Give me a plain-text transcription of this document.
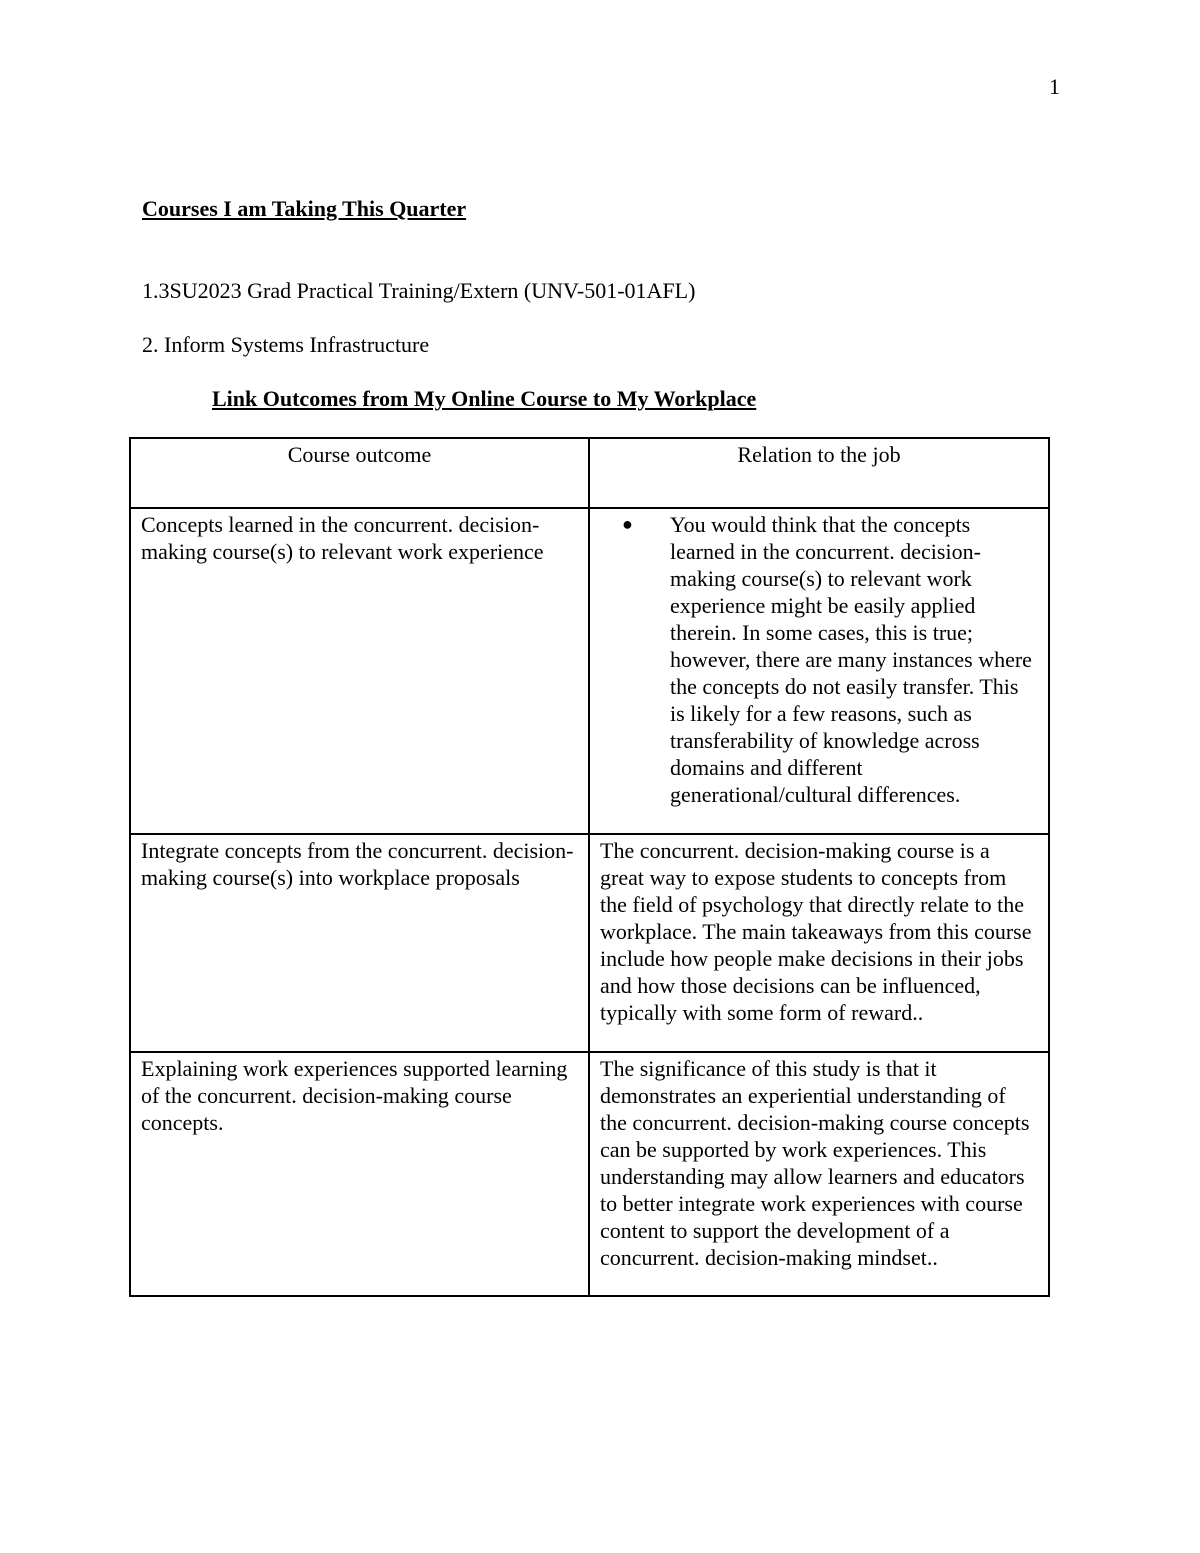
1
Courses I am Taking This Quarter
1.3SU2023 Grad Practical Training/Extern (UNV-501-01AFL)
2. Inform Systems Infrastructure
Link Outcomes from My Online Course to My Workplace
Course outcome	Relation to the job
Concepts learned in the concurrent. decision-making course(s) to relevant work experience	● You would think that the concepts learned in the concurrent. decision-making course(s) to relevant work experience might be easily applied therein. In some cases, this is true; however, there are many instances where the concepts do not easily transfer. This is likely for a few reasons, such as transferability of knowledge across domains and different generational/cultural differences.

Integrate concepts from the concurrent. decision-making course(s) into workplace proposals	The concurrent. decision-making course is a great way to expose students to concepts from the field of psychology that directly relate to the workplace. The main takeaways from this course include how people make decisions in their jobs and how those decisions can be influenced, typically with some form of reward..
Explaining work experiences supported learning of the concurrent. decision-making course concepts.	The significance of this study is that it demonstrates an experiential understanding of the concurrent. decision-making course concepts can be supported by work experiences. This understanding may allow learners and educators to better integrate work experiences with course content to support the development of a concurrent. decision-making mindset..
